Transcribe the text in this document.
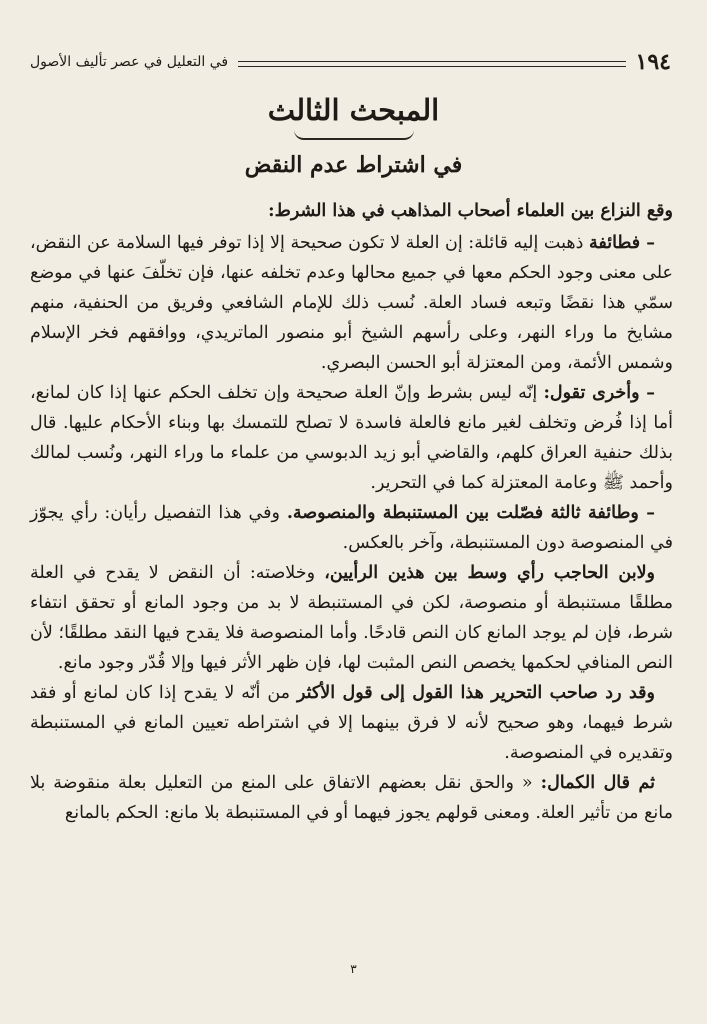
١٩٤
في التعليل في عصر تأليف الأصول
المبحث الثالث
في اشتراط عدم النقض

وقع النزاع بين العلماء أصحاب المذاهب في هذا الشرط:

– فطائفة ذهبت إليه قائلة: إن العلة لا تكون صحيحة إلا إذا توفر فيها السلامة عن النقض، على معنى وجود الحكم معها في جميع محالها وعدم تخلفه عنها، فإن تخلّفَ عنها في موضع سمّي هذا نقضًا وتبعه فساد العلة. نُسب ذلك للإمام الشافعي وفريق من الحنفية، منهم مشايخ ما وراء النهر، وعلى رأسهم الشيخ أبو منصور الماتريدي، ووافقهم فخر الإسلام وشمس الأئمة، ومن المعتزلة أبو الحسن البصري.

– وأخرى تقول: إنّه ليس بشرط وإنّ العلة صحيحة وإن تخلف الحكم عنها إذا كان لمانع، أما إذا فُرض وتخلف لغير مانع فالعلة فاسدة لا تصلح للتمسك بها وبناء الأحكام عليها. قال بذلك حنفية العراق كلهم، والقاضي أبو زيد الدبوسي من علماء ما وراء النهر، ونُسب لمالك وأحمد ﷺ وعامة المعتزلة كما في التحرير.

– وطائفة ثالثة فصّلت بين المستنبطة والمنصوصة. وفي هذا التفصيل رأيان: رأي يجوّز في المنصوصة دون المستنبطة، وآخر بالعكس.

ولابن الحاجب رأي وسط بين هذين الرأيين، وخلاصته: أن النقض لا يقدح في العلة مطلقًا مستنبطة أو منصوصة، لكن في المستنبطة لا بد من وجود المانع أو تحقق انتفاء شرط، فإن لم يوجد المانع كان النص قادحًا. وأما المنصوصة فلا يقدح فيها النقد مطلقًا؛ لأن النص المنافي لحكمها يخصص النص المثبت لها، فإن ظهر الأثر فيها وإلا قُدّر وجود مانع.

وقد رد صاحب التحرير هذا القول إلى قول الأكثر من أنّه لا يقدح إذا كان لمانع أو فقد شرط فيهما، وهو صحيح لأنه لا فرق بينهما إلا في اشتراطه تعيين المانع في المستنبطة وتقديره في المنصوصة.

ثم قال الكمال: « والحق نقل بعضهم الاتفاق على المنع من التعليل بعلة منقوضة بلا مانع من تأثير العلة. ومعنى قولهم يجوز فيهما أو في المستنبطة بلا مانع: الحكم بالمانع

٣
